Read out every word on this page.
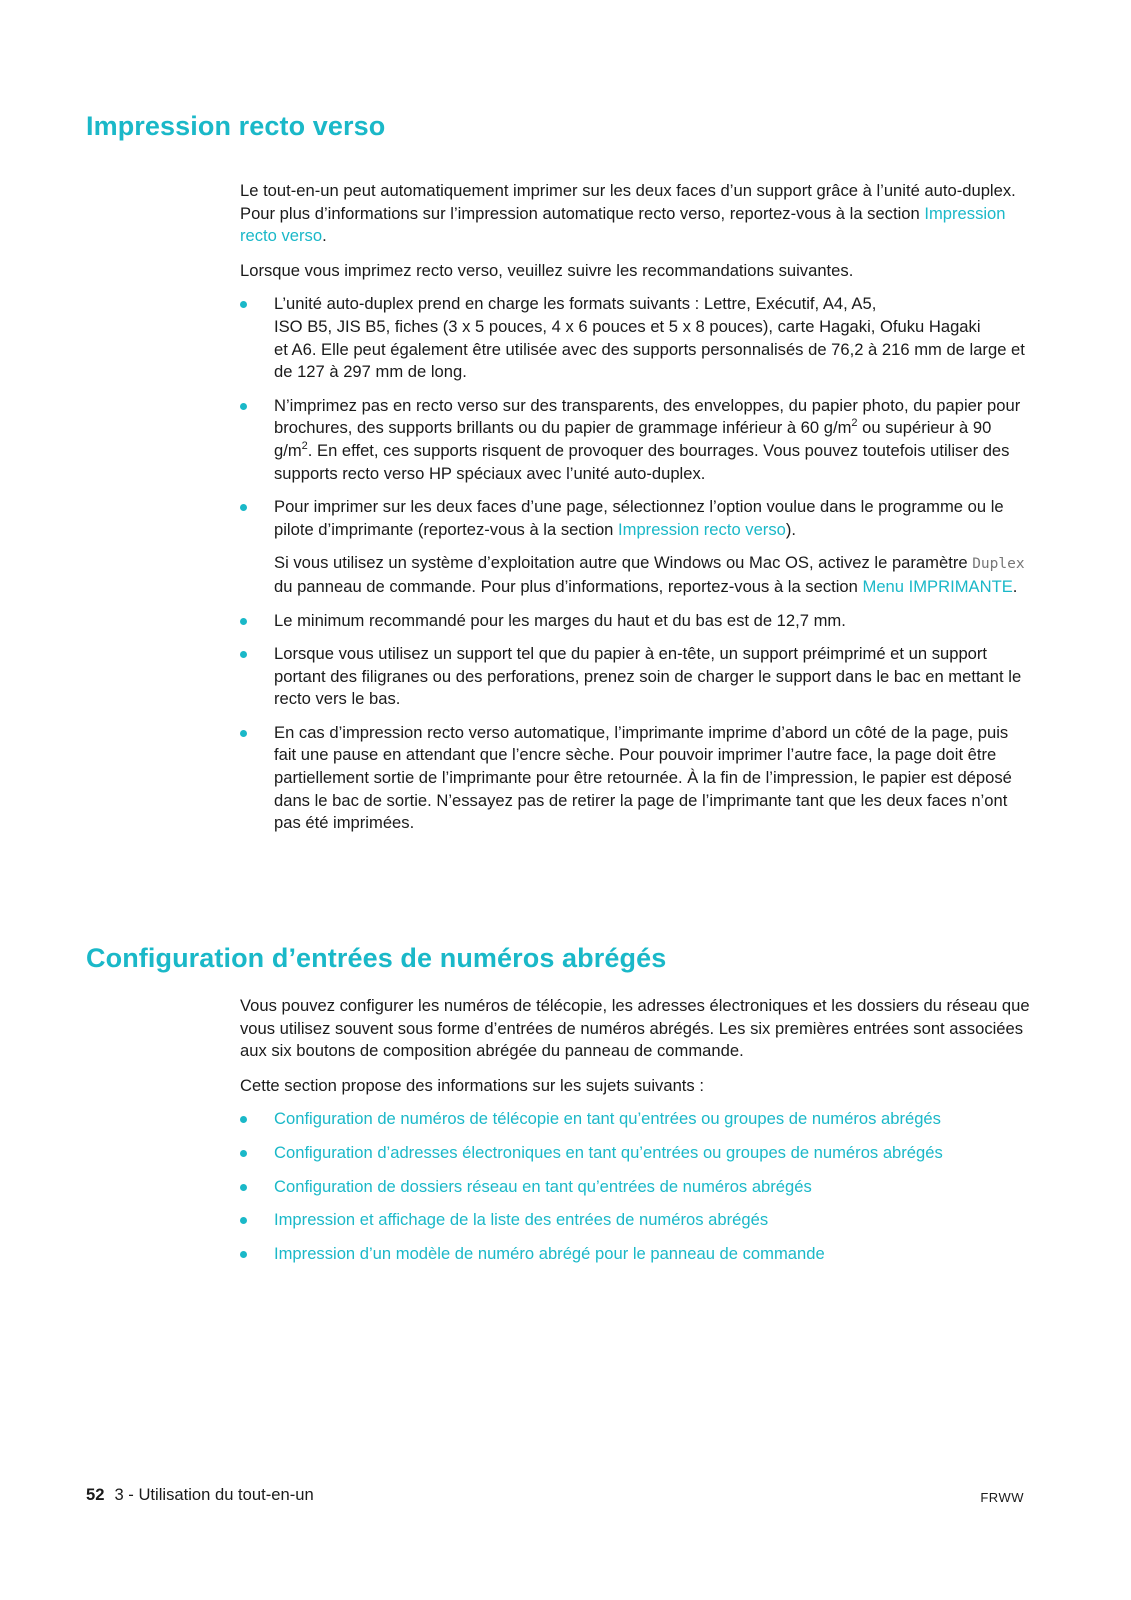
Impression recto verso

Le tout-en-un peut automatiquement imprimer sur les deux faces d’un support grâce à l’unité auto-duplex. Pour plus d’informations sur l’impression automatique recto verso, reportez-vous à la section Impression recto verso.

Lorsque vous imprimez recto verso, veuillez suivre les recommandations suivantes.

L’unité auto-duplex prend en charge les formats suivants : Lettre, Exécutif, A4, A5,
ISO B5, JIS B5, fiches (3 x 5 pouces, 4 x 6 pouces et 5 x 8 pouces), carte Hagaki, Ofuku Hagaki
et A6. Elle peut également être utilisée avec des supports personnalisés de 76,2 à 216 mm de large et de 127 à 297 mm de long.
N’imprimez pas en recto verso sur des transparents, des enveloppes, du papier photo, du papier pour brochures, des supports brillants ou du papier de grammage inférieur à 60 $g/m^2$ ou supérieur à 90 $g/m^2$. En effet, ces supports risquent de provoquer des bourrages. Vous pouvez toutefois utiliser des supports recto verso HP spéciaux avec l’unité auto-duplex.

Pour imprimer sur les deux faces d’une page, sélectionnez l’option voulue dans le programme ou le pilote d’imprimante (reportez-vous à la section Impression recto verso).

Si vous utilisez un système d’exploitation autre que Windows ou Mac OS, activez le paramètre Duplex du panneau de commande. Pour plus d’informations, reportez-vous à la section Menu IMPRIMANTE.

Le minimum recommandé pour les marges du haut et du bas est de 12,7 mm.
Lorsque vous utilisez un support tel que du papier à en-tête, un support préimprimé et un support portant des filigranes ou des perforations, prenez soin de charger le support dans le bac en mettant le recto vers le bas.
En cas d’impression recto verso automatique, l’imprimante imprime d’abord un côté de la page, puis fait une pause en attendant que l’encre sèche. Pour pouvoir imprimer l’autre face, la page doit être partiellement sortie de l’imprimante pour être retournée. À la fin de l’impression, le papier est déposé dans le bac de sortie. N’essayez pas de retirer la page de l’imprimante tant que les deux faces n’ont pas été imprimées.
Configuration d’entrées de numéros abrégés

Vous pouvez configurer les numéros de télécopie, les adresses électroniques et les dossiers du réseau que vous utilisez souvent sous forme d’entrées de numéros abrégés. Les six premières entrées sont associées aux six boutons de composition abrégée du panneau de commande.

Cette section propose des informations sur les sujets suivants :

Configuration de numéros de télécopie en tant qu’entrées ou groupes de numéros abrégés
Configuration d’adresses électroniques en tant qu’entrées ou groupes de numéros abrégés
Configuration de dossiers réseau en tant qu’entrées de numéros abrégés
Impression et affichage de la liste des entrées de numéros abrégés
Impression d’un modèle de numéro abrégé pour le panneau de commande
52 3 - Utilisation du tout-en-un	FRWW
